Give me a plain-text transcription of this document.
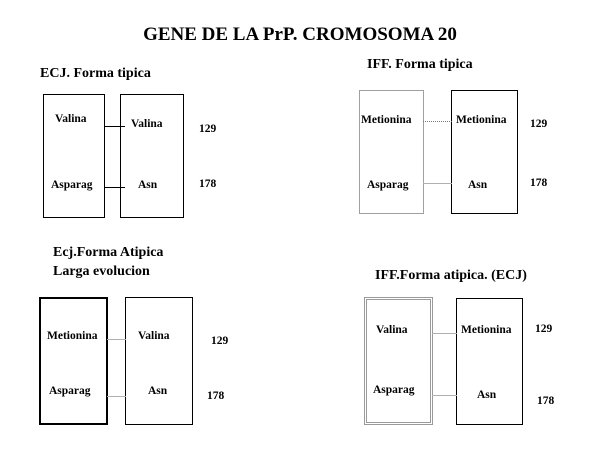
GENE DE LA PrP. CROMOSOMA 20
ECJ. Forma tipica
Valina
Asparag
Valina
Asn
129
178
IFF. Forma tipica
Metionina
Asparag
Metionina
Asn
129
178
Ecj.Forma Atipica
Larga evolucion
Metionina
Asparag
Valina
Asn
129
178
IFF.Forma atipica. (ECJ)
Valina
Asparag
Metionina
Asn
129
178
